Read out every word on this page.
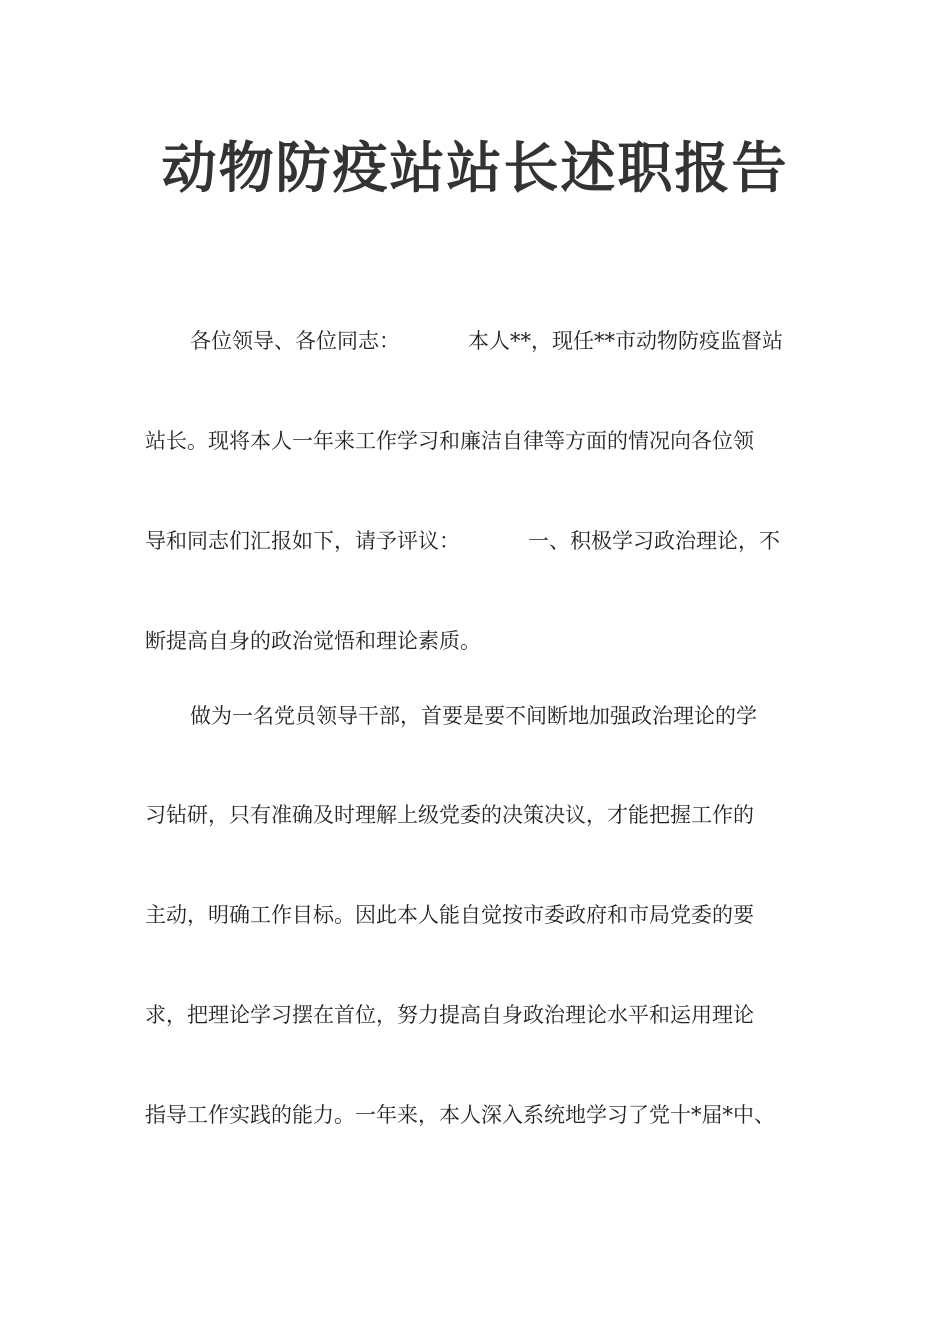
动物防疫站站长述职报告

各位领导、各位同志：	本人**，现任**市动物防疫监督站

站长。现将本人一年来工作学习和廉洁自律等方面的情况向各位领

导和同志们汇报如下，请予评议：	一、积极学习政治理论，不

断提高自身的政治觉悟和理论素质。

做为一名党员领导干部，首要是要不间断地加强政治理论的学

习钻研，只有准确及时理解上级党委的决策决议，才能把握工作的

主动，明确工作目标。因此本人能自觉按市委政府和市局党委的要

求，把理论学习摆在首位，努力提高自身政治理论水平和运用理论

指导工作实践的能力。一年来，本人深入系统地学习了党十*届*中、
